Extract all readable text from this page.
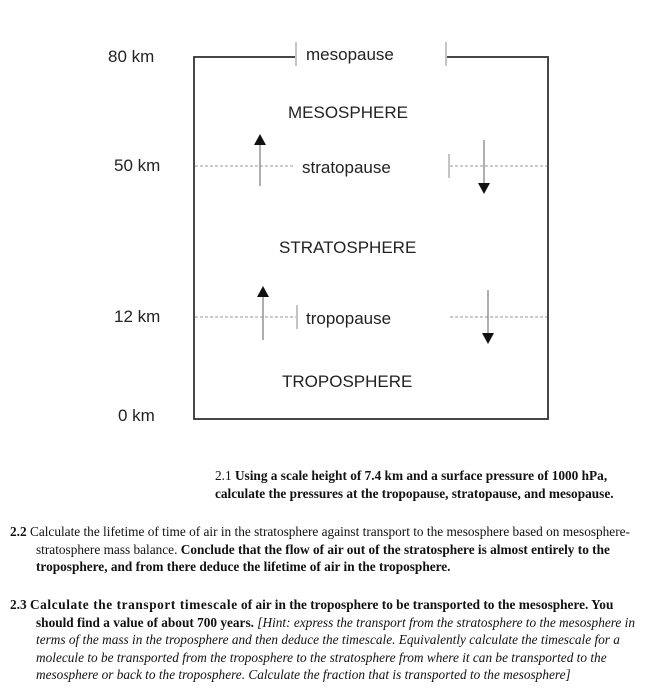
80 km
50 km
12 km
0 km
mesopause
stratopause
tropopause
MESOSPHERE
STRATOSPHERE
TROPOSPHERE
2.1 Using a scale height of 7.4 km and a surface pressure of 1000 hPa, calculate the pressures at the tropopause, stratopause, and mesopause.
2.2 Calculate the lifetime of time of air in the stratosphere against transport to the mesosphere based on mesosphere-stratosphere mass balance. Conclude that the flow of air out of the stratosphere is almost entirely to the troposphere, and from there deduce the lifetime of air in the troposphere.
2.3 Calculate the transport timescale of air in the troposphere to be transported to the mesosphere. You should find a value of about 700 years. [Hint: express the transport from the stratosphere to the mesosphere in terms of the mass in the troposphere and then deduce the timescale. Equivalently calculate the timescale for a molecule to be transported from the troposphere to the stratosphere from where it can be transported to the mesosphere or back to the troposphere. Calculate the fraction that is transported to the mesosphere]
